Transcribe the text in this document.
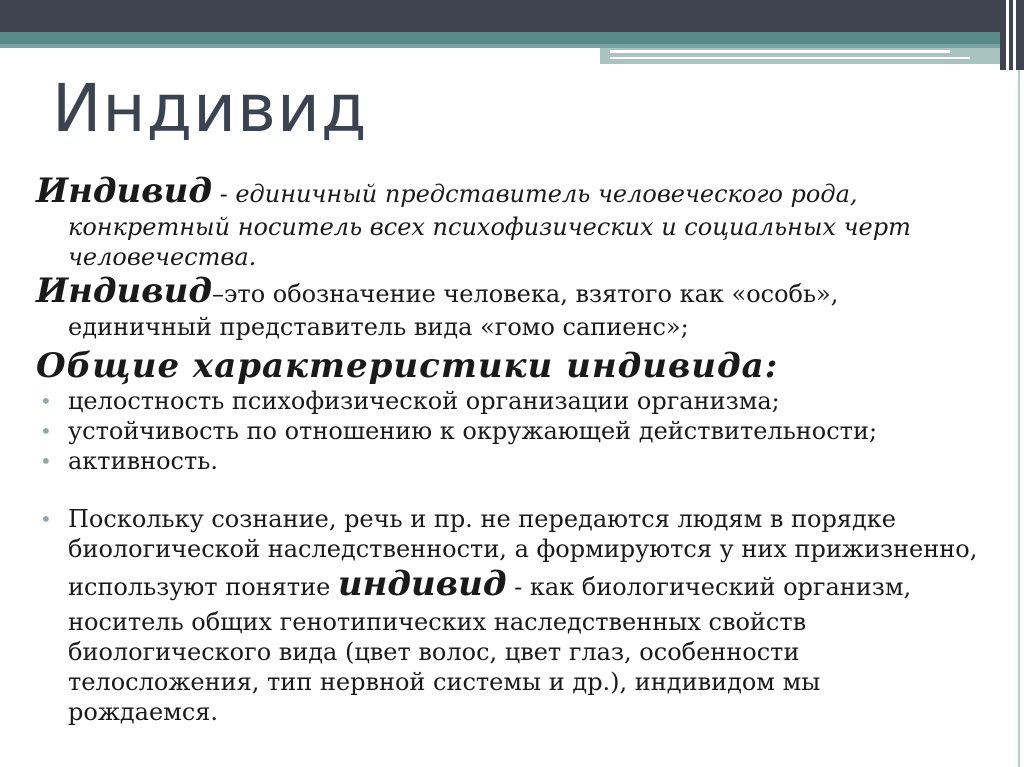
Индивид
Индивид - единичный представитель человеческого рода,
конкретный носитель всех психофизических и социальных черт
человечества.
Индивид–это обозначение человека, взятого как «особь»,
единичный представитель вида «гомо сапиенс»;
Общие характеристики индивида:
• целостность психофизической организации организма;
• устойчивость по отношению к окружающей действительности;
• активность.
• Поскольку сознание, речь и пр. не передаются людям в порядке
биологической наследственности, а формируются у них прижизненно,
используют понятие индивид - как биологический организм,
носитель общих генотипических наследственных свойств
биологического вида (цвет волос, цвет глаз, особенности
телосложения, тип нервной системы и др.), индивидом мы
рождаемся.
